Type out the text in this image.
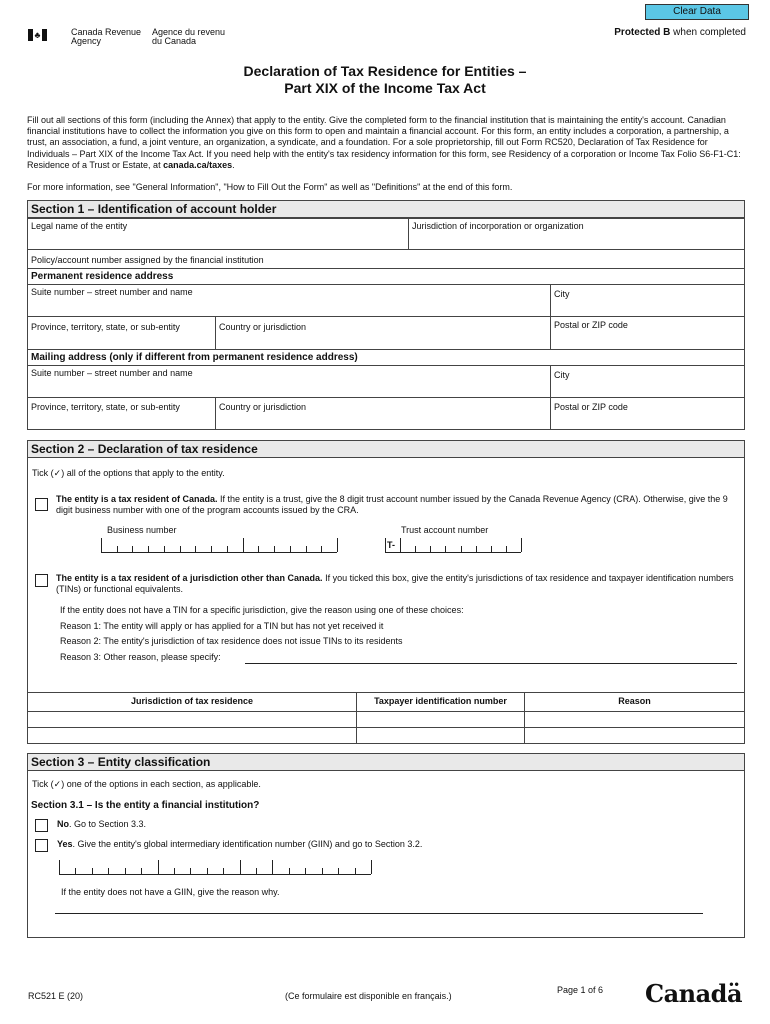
Clear Data
♣	Canada Revenue
Agency
Agence du revenu
du Canada
Protected B when completed
Declaration of Tax Residence for Entities –
Part XIX of the Income Tax Act
Fill out all sections of this form (including the Annex) that apply to the entity. Give the completed form to the financial institution that is maintaining the entity's account. Canadian financial institutions have to collect the information you give on this form to open and maintain a financial account. For this form, an entity includes a corporation, a partnership, a trust, an association, a fund, a joint venture, an organization, a syndicate, and a foundation. For a sole proprietorship, fill out Form RC520, Declaration of Tax Residence for Individuals – Part XIX of the Income Tax Act. If you need help with the entity's tax residency information for this form, see Residency of a corporation or Income Tax Folio S6-F1-C1: Residence of a Trust or Estate, at canada.ca/taxes.
For more information, see "General Information", "How to Fill Out the Form" as well as "Definitions" at the end of this form.
Section 1 – Identification of account holder
Legal name of the entity	Jurisdiction of incorporation or organization
Policy/account number assigned by the financial institution
Permanent residence address
Suite number – street number and name	City
Province, territory, state, or sub-entity	Country or jurisdiction	Postal or ZIP code
Mailing address (only if different from permanent residence address)
Suite number – street number and name	City
Province, territory, state, or sub-entity	Country or jurisdiction	Postal or ZIP code
Section 2 – Declaration of tax residence
Tick (✓) all of the options that apply to the entity.
The entity is a tax resident of Canada. If the entity is a trust, give the 8 digit trust account number issued by the Canada Revenue Agency (CRA). Otherwise, give the 9 digit business number with one of the program accounts issued by the CRA.
Business number	Trust account number
T-
The entity is a tax resident of a jurisdiction other than Canada. If you ticked this box, give the entity's jurisdictions of tax residence and taxpayer identification numbers (TINs) or functional equivalents.
If the entity does not have a TIN for a specific jurisdiction, give the reason using one of these choices:
Reason 1: The entity will apply or has applied for a TIN but has not yet received it
Reason 2: The entity's jurisdiction of tax residence does not issue TINs to its residents
Reason 3: Other reason, please specify:
Jurisdiction of tax residence	Taxpayer identification number	Reason
Section 3 – Entity classification
Tick (✓) one of the options in each section, as applicable.
Section 3.1 – Is the entity a financial institution?
No. Go to Section 3.3.
Yes. Give the entity's global intermediary identification number (GIIN) and go to Section 3.2.
If the entity does not have a GIIN, give the reason why.
RC521 E (20)	(Ce formulaire est disponible en français.)
Page 1 of 6 Canadä
